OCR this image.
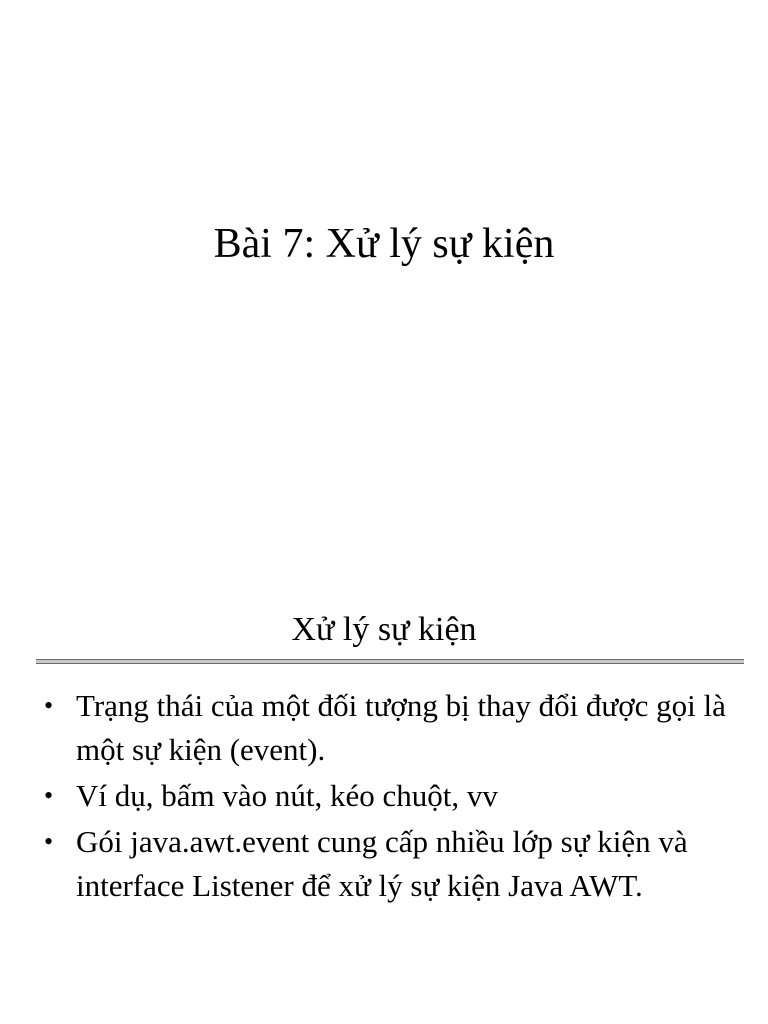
Bài 7: Xử lý sự kiện
Xử lý sự kiện
• Trạng thái của một đối tượng bị thay đổi được gọi là một sự kiện (event).
• Ví dụ, bấm vào nút, kéo chuột, vv
• Gói java.awt.event cung cấp nhiều lớp sự kiện và interface Listener để xử lý sự kiện Java AWT.
